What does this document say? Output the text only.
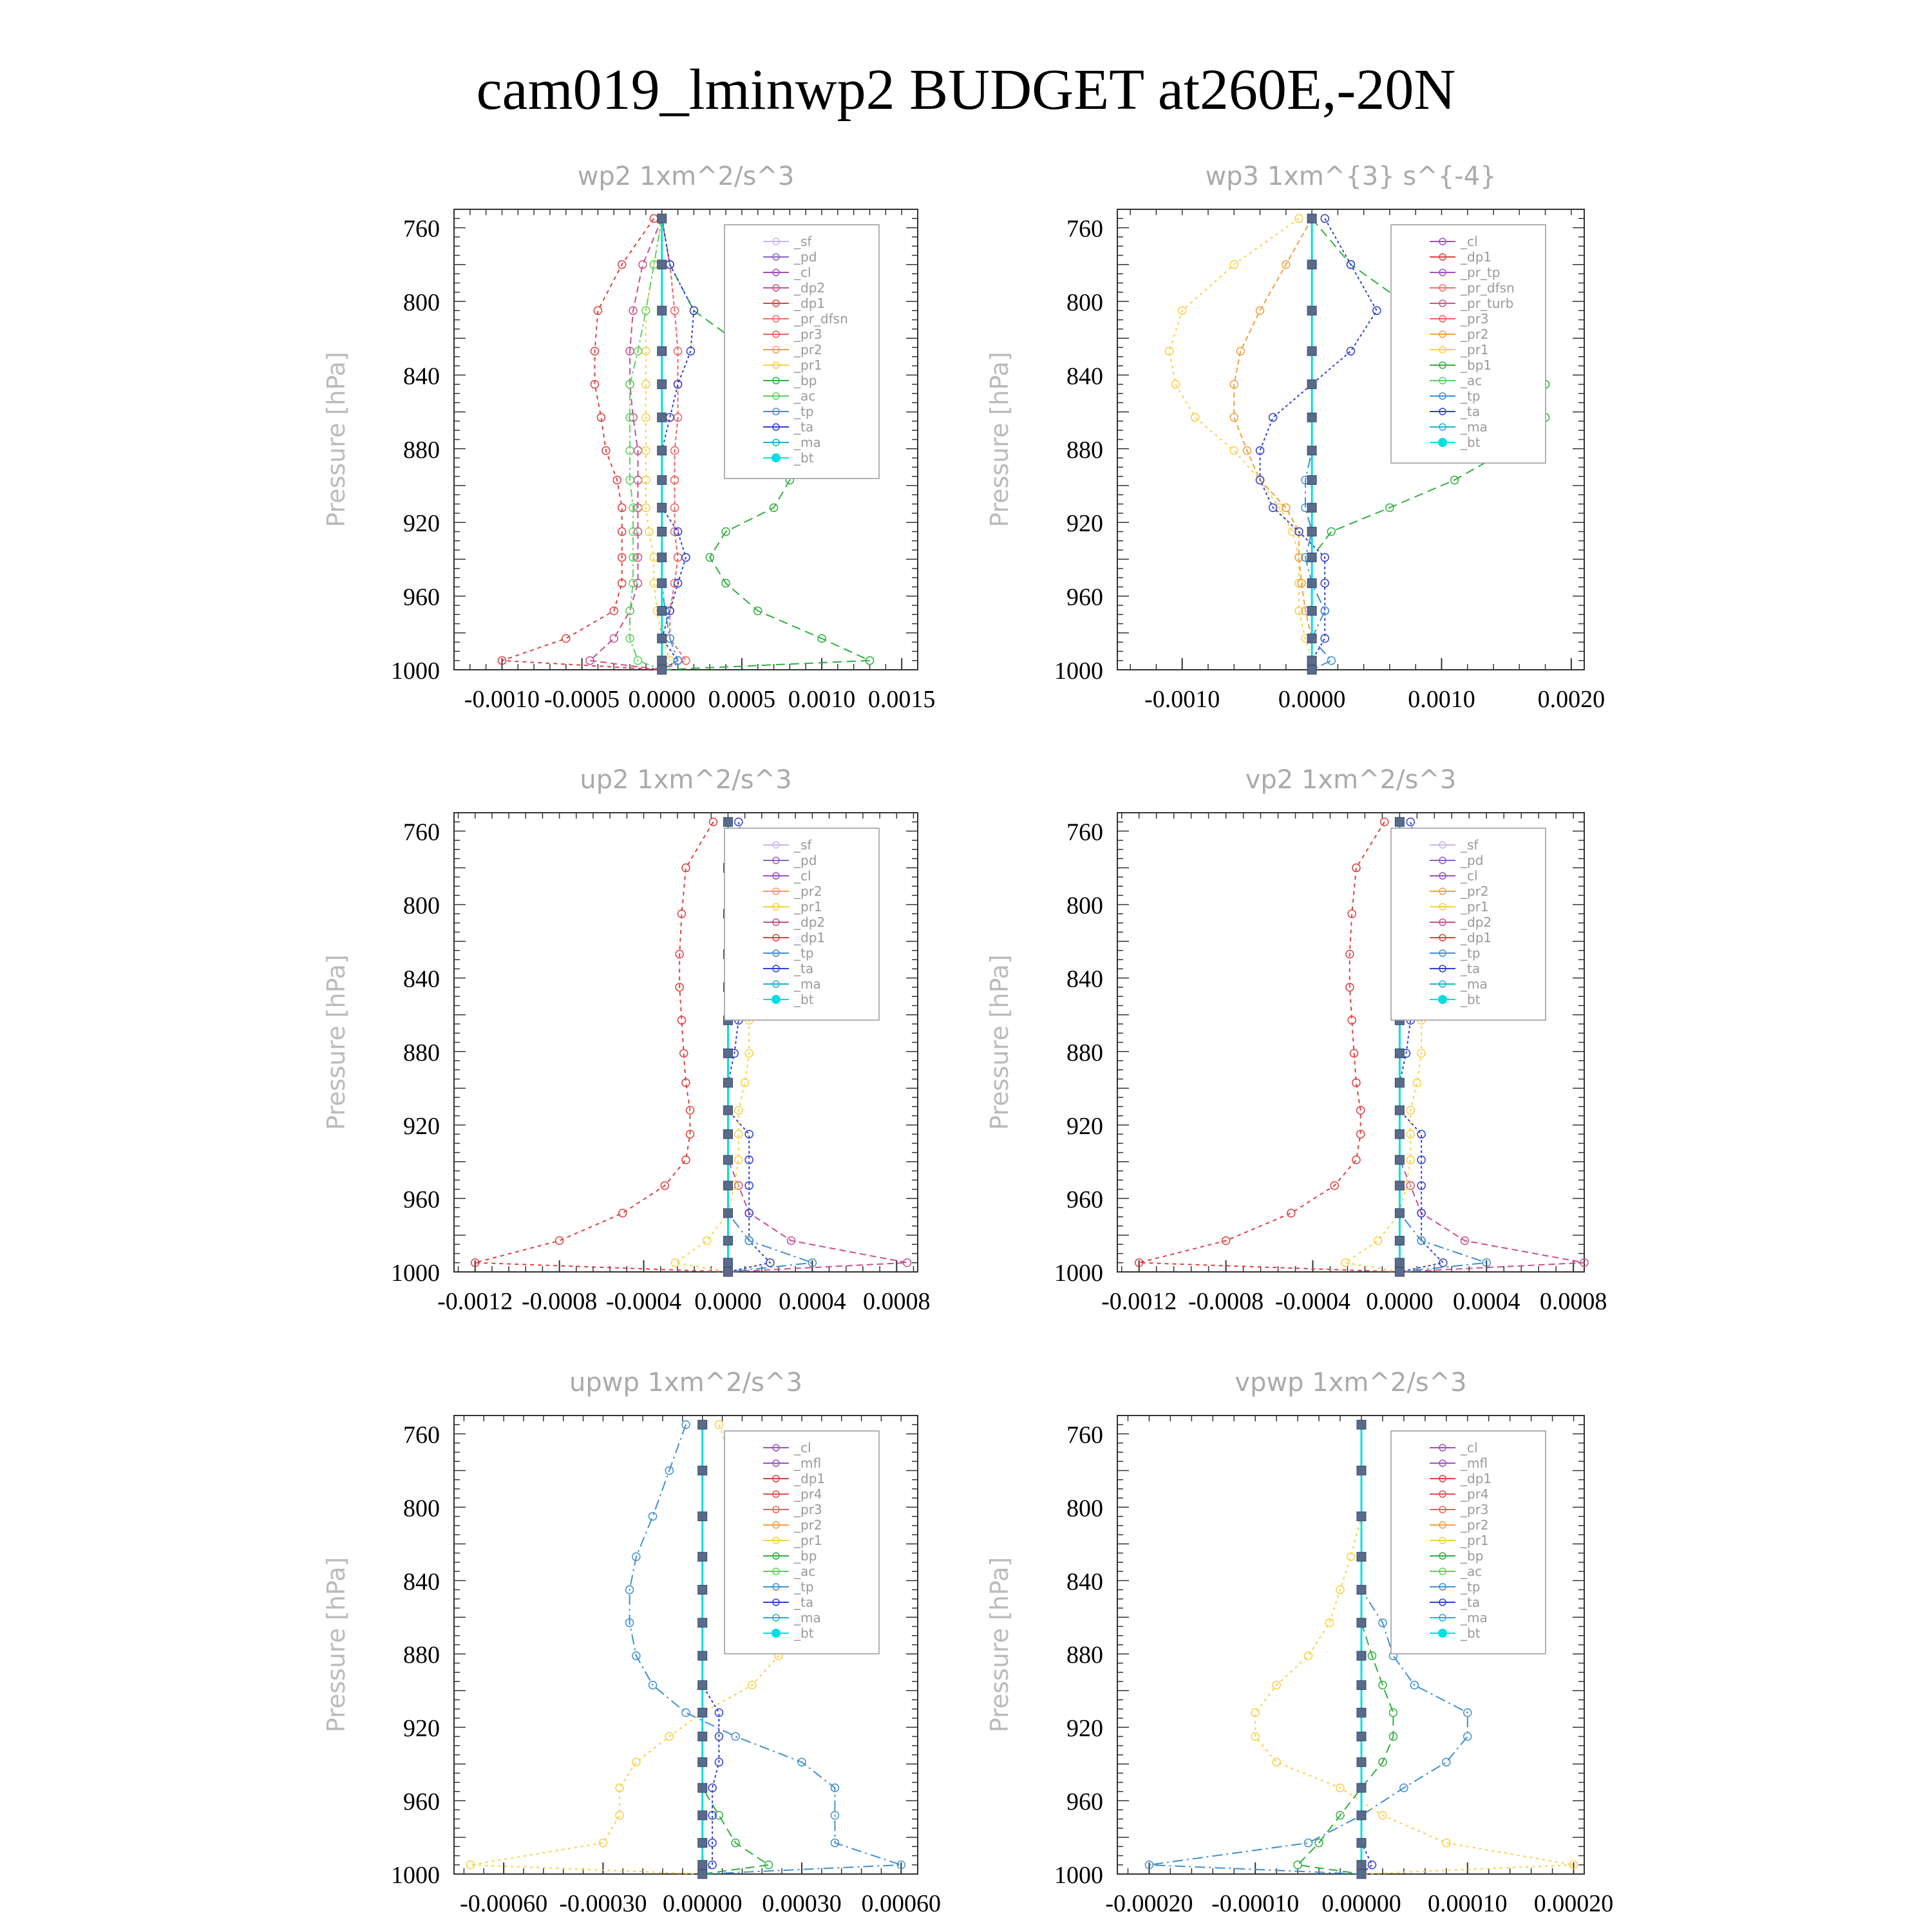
cam019_lminwp2 BUDGET at260E,-20N
760
800
840
880
920
960
1000
-0.0010 -0.0005 0.0000 0.0005 0.0010 0.0015
wp2 1xm^2/s^3
Pressure [hPa]
_sf
_pd
_cl
_dp2
_dp1
_pr_dfsn
_pr3
_pr2
_pr1
_bp
_ac
_tp
_ta
_ma
_bt
760
800
840
880
920
960
1000
-0.0010 0.0000	0.0010	0.0020
wp3 1xm^{3} s^{-4}
Pressure [hPa]
_cl
_dp1
_pr_tp
_pr_dfsn
_pr_turb
_pr3
_pr2
_pr1
_bp1
_ac
_tp
_ta
_ma
_bt
760
800
840
880
920
960
1000
-0.0012 -0.0008 -0.0004 0.0000 0.0004 0.0008
up2 1xm^2/s^3
Pressure [hPa]
_sf
_pd
_cl
_pr2
_pr1
_dp2
_dp1
_tp
_ta
_ma
_bt
760
800
840
880
920
960
1000
-0.0012 -0.0008 -0.0004 0.0000 0.0004 0.0008
vp2 1xm^2/s^3
Pressure [hPa]
_sf
_pd
_cl
_pr2
_pr1
_dp2
_dp1
_tp
_ta
_ma
_bt
760
800
840
880
920
960
1000
-0.00060 -0.00030 0.00000 0.00030 0.00060
upwp 1xm^2/s^3
Pressure [hPa]
_cl
_mfl
_dp1
_pr4
_pr3
_pr2
_pr1
_bp
_ac
_tp
_ta
_ma
_bt
760
800
840
880
920
960
1000
-0.00020 -0.00010 0.00000 0.00010 0.00020
vpwp 1xm^2/s^3
Pressure [hPa]
_cl
_mfl
_dp1
_pr4
_pr3
_pr2
_pr1
_bp
_ac
_tp
_ta
_ma
_bt
